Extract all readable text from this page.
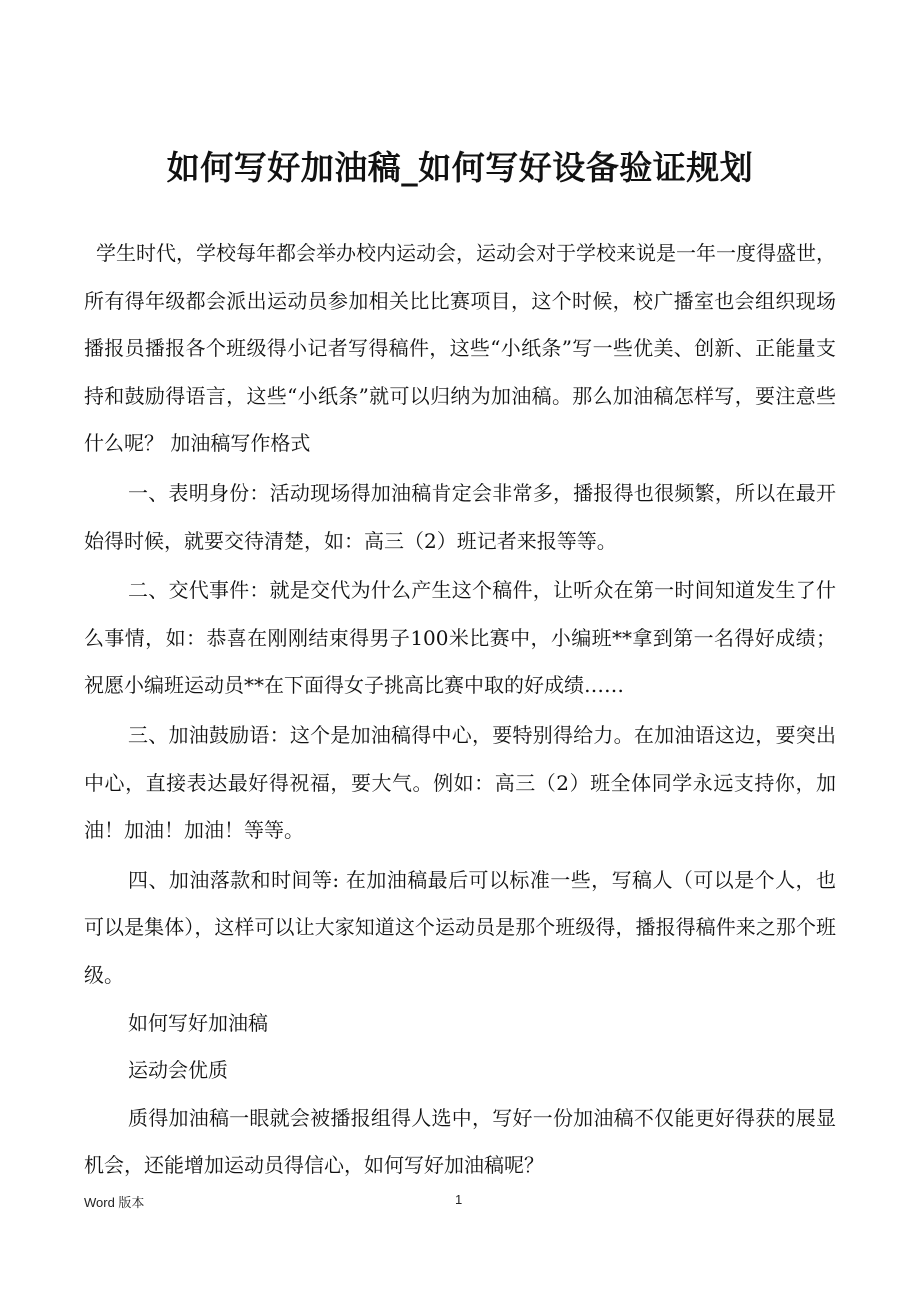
如何写好加油稿_如何写好设备验证规划

学生时代，学校每年都会举办校内运动会，运动会对于学校来说是一年一度得盛世，所有得年级都会派出运动员参加相关比比赛项目，这个时候，校广播室也会组织现场播报员播报各个班级得小记者写得稿件，这些“小纸条”写一些优美、创新、正能量支持和鼓励得语言，这些“小纸条”就可以归纳为加油稿。那么加油稿怎样写，要注意些什么呢？ 加油稿写作格式

一、表明身份：活动现场得加油稿肯定会非常多，播报得也很频繁，所以在最开始得时候，就要交待清楚，如：高三（2）班记者来报等等。

二、交代事件：就是交代为什么产生这个稿件，让听众在第一时间知道发生了什么事情，如：恭喜在刚刚结束得男子100米比赛中，小编班**拿到第一名得好成绩；祝愿小编班运动员**在下面得女子挑高比赛中取的好成绩……

三、加油鼓励语：这个是加油稿得中心，要特别得给力。在加油语这边，要突出中心，直接表达最好得祝福，要大气。例如：高三（2）班全体同学永远支持你，加油！加油！加油！等等。

四、加油落款和时间等: 在加油稿最后可以标准一些，写稿人（可以是个人，也可以是集体），这样可以让大家知道这个运动员是那个班级得，播报得稿件来之那个班级。

如何写好加油稿

运动会优质

质得加油稿一眼就会被播报组得人选中，写好一份加油稿不仅能更好得获的展显机会，还能增加运动员得信心，如何写好加油稿呢？

Word 版本	1
